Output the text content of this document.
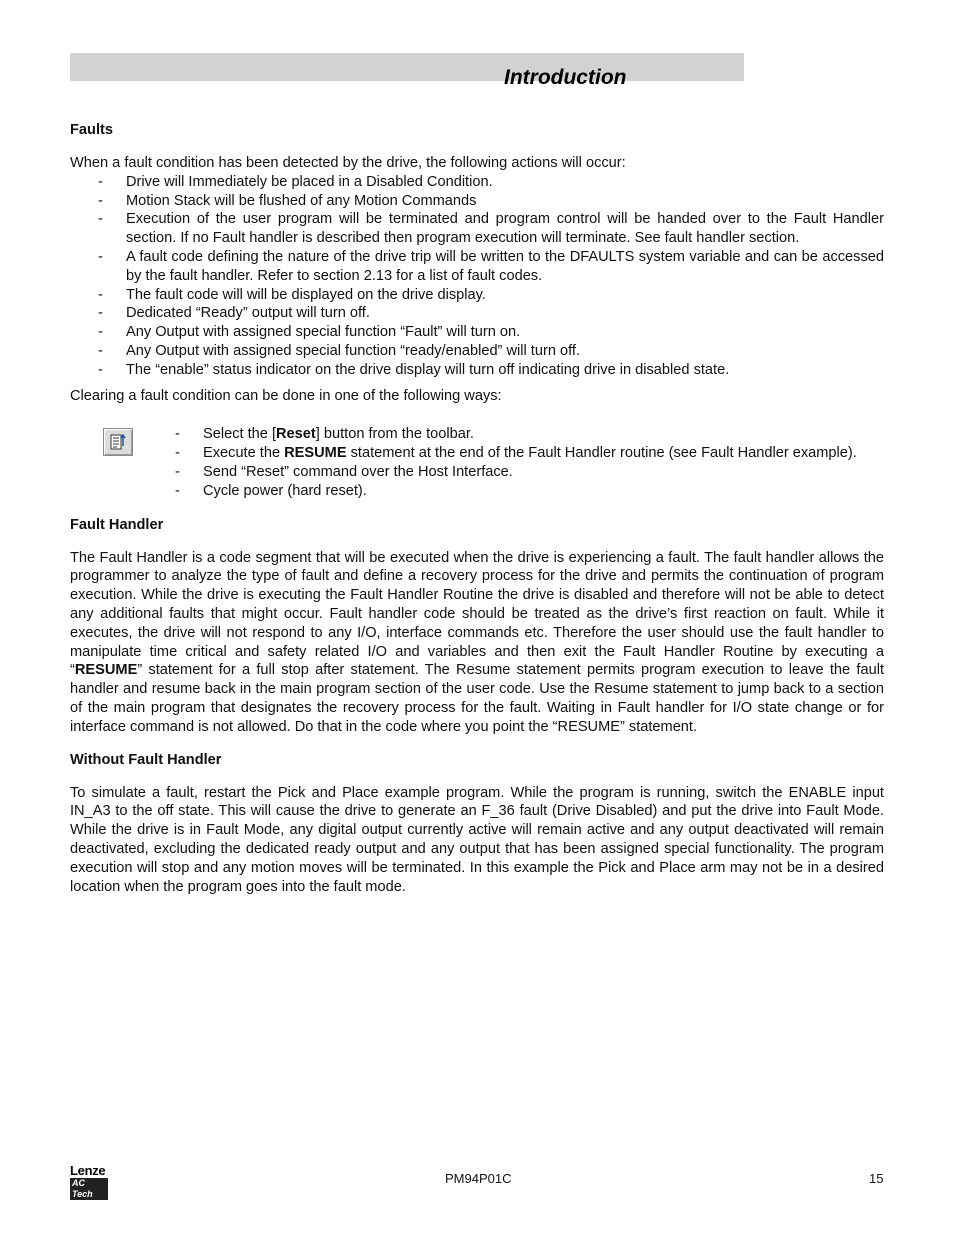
Introduction
Faults

When a fault condition has been detected by the drive, the following actions will occur:

- Drive will Immediately be placed in a Disabled Condition.
- Motion Stack will be flushed of any Motion Commands
- Execution of the user program will be terminated and program control will be handed over to the Fault Handler section. If no Fault handler is described then program execution will terminate. See fault handler section.
- A fault code defining the nature of the drive trip will be written to the DFAULTS system variable and can be accessed by the fault handler. Refer to section 2.13 for a list of fault codes.
- The fault code will will be displayed on the drive display.
- Dedicated “Ready” output will turn off.
- Any Output with assigned special function “Fault” will turn on.
- Any Output with assigned special function “ready/enabled” will turn off.
- The “enable” status indicator on the drive display will turn off indicating drive in disabled state.

Clearing a fault condition can be done in one of the following ways:

- Select the [Reset] button from the toolbar.
- Execute the RESUME statement at the end of the Fault Handler routine (see Fault Handler example).
- Send “Reset” command over the Host Interface.
- Cycle power (hard reset).
Fault Handler

The Fault Handler is a code segment that will be executed when the drive is experiencing a fault. The fault handler allows the programmer to analyze the type of fault and define a recovery process for the drive and permits the continuation of program execution. While the drive is executing the Fault Handler Routine the drive is disabled and therefore will not be able to detect any additional faults that might occur. Fault handler code should be treated as the drive’s first reaction on fault. While it executes, the drive will not respond to any I/O, interface commands etc. Therefore the user should use the fault handler to manipulate time critical and safety related I/O and variables and then exit the Fault Handler Routine by executing a “RESUME” statement for a full stop after statement. The Resume statement permits program execution to leave the fault handler and resume back in the main program section of the user code. Use the Resume statement to jump back to a section of the main program that designates the recovery process for the fault. Waiting in Fault handler for I/O state change or for interface command is not allowed. Do that in the code where you point the “RESUME” statement.

Without Fault Handler

To simulate a fault, restart the Pick and Place example program. While the program is running, switch the ENABLE input IN_A3 to the off state. This will cause the drive to generate an F_36 fault (Drive Disabled) and put the drive into Fault Mode. While the drive is in Fault Mode, any digital output currently active will remain active and any output deactivated will remain deactivated, excluding the dedicated ready output and any output that has been assigned special functionality. The program execution will stop and any motion moves will be terminated. In this example the Pick and Place arm may not be in a desired location when the program goes into the fault mode.

Lenze
AC Tech
PM94P01C	15
